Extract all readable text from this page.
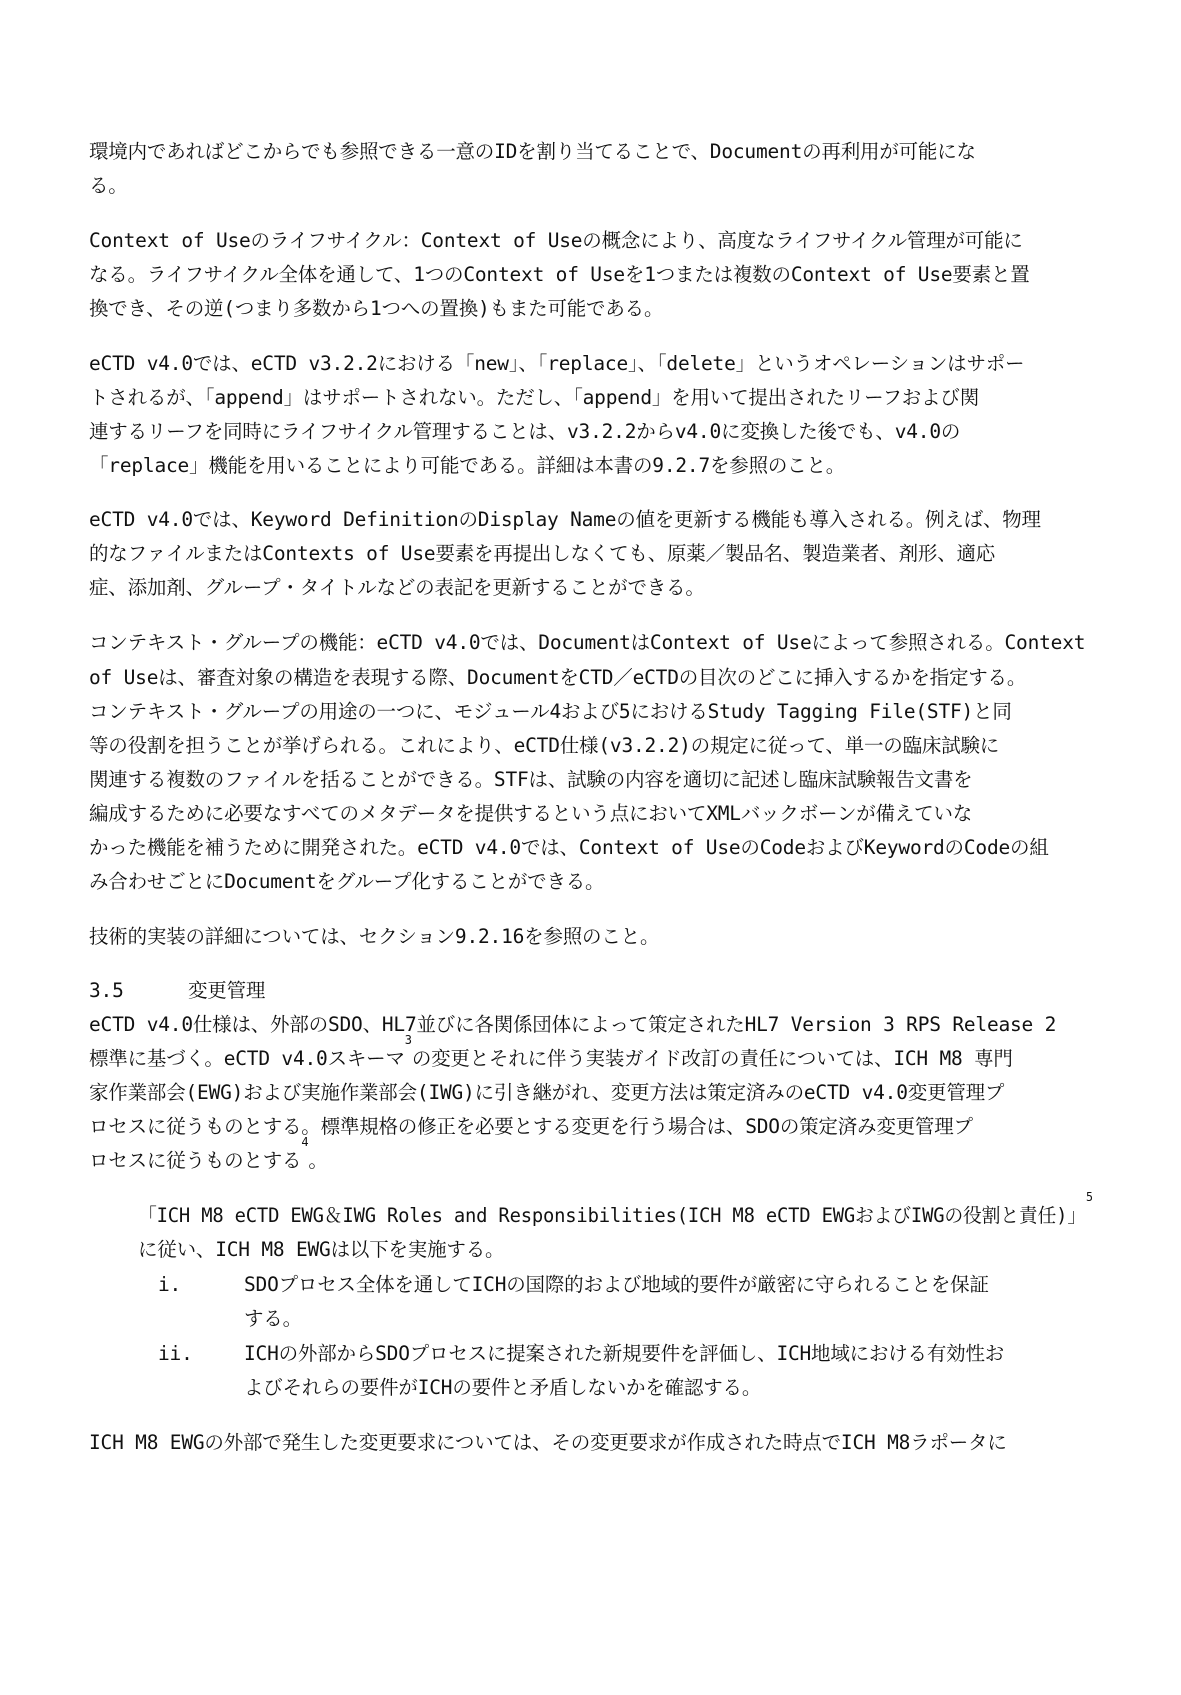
環境内であればどこからでも参照できる一意のIDを割り当てることで、Documentの再利用が可能にな
る。
Context of Useのライフサイクル：Context of Useの概念により、高度なライフサイクル管理が可能に
なる。ライフサイクル全体を通して、1つのContext of Useを1つまたは複数のContext of Use要素と置
換でき、その逆(つまり多数から1つへの置換)もまた可能である。
eCTD v4.0では、eCTD v3.2.2における「new」、「replace」、「delete」というオペレーションはサポー
トされるが、「append」はサポートされない。ただし、「append」を用いて提出されたリーフおよび関
連するリーフを同時にライフサイクル管理することは、v3.2.2からv4.0に変換した後でも、v4.0の
「replace」機能を用いることにより可能である。詳細は本書の9.2.7を参照のこと。
eCTD v4.0では、Keyword DefinitionのDisplay Nameの値を更新する機能も導入される。例えば、物理
的なファイルまたはContexts of Use要素を再提出しなくても、原薬／製品名、製造業者、剤形、適応
症、添加剤、グループ・タイトルなどの表記を更新することができる。
コンテキスト・グループの機能：eCTD v4.0では、DocumentはContext of Useによって参照される。Context
of Useは、審査対象の構造を表現する際、DocumentをCTD／eCTDの目次のどこに挿入するかを指定する。
コンテキスト・グループの用途の一つに、モジュール4および5におけるStudy Tagging File(STF)と同
等の役割を担うことが挙げられる。これにより、eCTD仕様(v3.2.2)の規定に従って、単一の臨床試験に
関連する複数のファイルを括ることができる。STFは、試験の内容を適切に記述し臨床試験報告文書を
編成するために必要なすべてのメタデータを提供するという点においてXMLバックボーンが備えていな
かった機能を補うために開発された。eCTD v4.0では、Context of UseのCodeおよびKeywordのCodeの組
み合わせごとにDocumentをグループ化することができる。
技術的実装の詳細については、セクション9.2.16を参照のこと。
3.5	変更管理
eCTD v4.0仕様は、外部のSDO、HL7並びに各関係団体によって策定されたHL7 Version 3 RPS Release 2
標準に基づく。eCTD v4.0スキーマ$^3$の変更とそれに伴う実装ガイド改訂の責任については、ICH M8 専門
家作業部会(EWG)および実施作業部会(IWG)に引き継がれ、変更方法は策定済みのeCTD v4.0変更管理プ
ロセスに従うものとする。標準規格の修正を必要とする変更を行う場合は、SDOの策定済み変更管理プ
ロセスに従うものとする$^4$。
「ICH M8 eCTD EWG＆IWG Roles and Responsibilities(ICH M8 eCTD EWGおよびIWGの役割と責任)」$^5$
に従い、ICH M8 EWGは以下を実施する。
i.	SDOプロセス全体を通してICHの国際的および地域的要件が厳密に守られることを保証
する。
ii.	ICHの外部からSDOプロセスに提案された新規要件を評価し、ICH地域における有効性お
よびそれらの要件がICHの要件と矛盾しないかを確認する。
ICH M8 EWGの外部で発生した変更要求については、その変更要求が作成された時点でICH M8ラポータに
